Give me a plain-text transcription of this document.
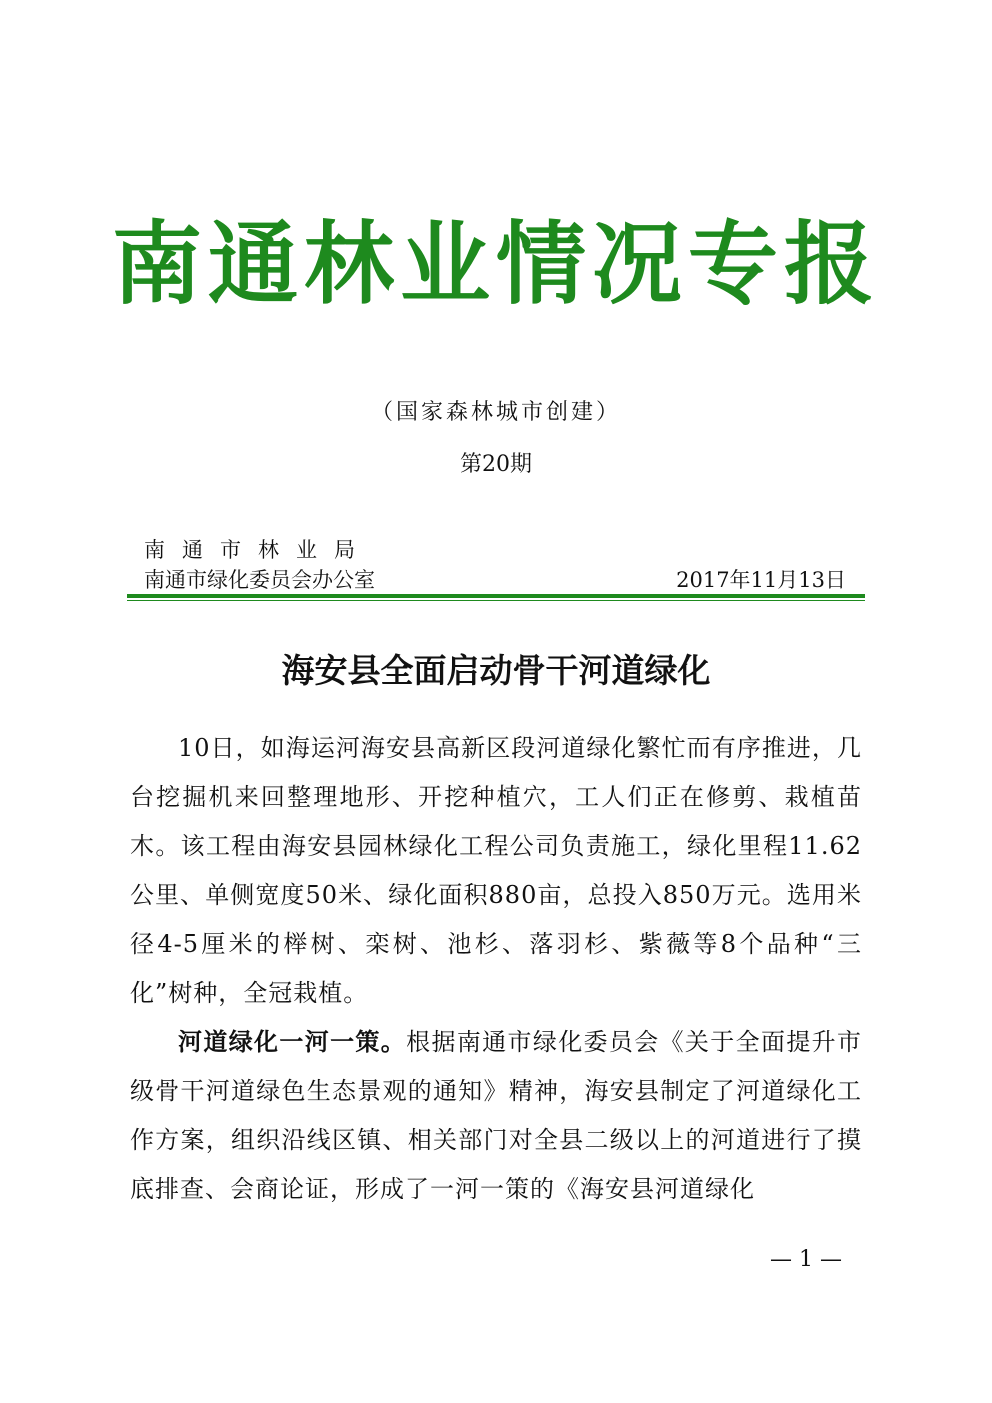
南通林业情况专报
（国家森林城市创建）
第20期
南通市林业局
南通市绿化委员会办公室	2017年11月13日
海安县全面启动骨干河道绿化

10日，如海运河海安县高新区段河道绿化繁忙而有序推进，几台挖掘机来回整理地形、开挖种植穴，工人们正在修剪、栽植苗木。该工程由海安县园林绿化工程公司负责施工，绿化里程11.62公里、单侧宽度50米、绿化面积880亩，总投入850万元。选用米径4-5厘米的榉树、栾树、池杉、落羽杉、紫薇等8个品种“三化”树种，全冠栽植。

河道绿化一河一策。根据南通市绿化委员会《关于全面提升市级骨干河道绿色生态景观的通知》精神，海安县制定了河道绿化工作方案，组织沿线区镇、相关部门对全县二级以上的河道进行了摸底排查、会商论证，形成了一河一策的《海安县河道绿化

— 1 —
